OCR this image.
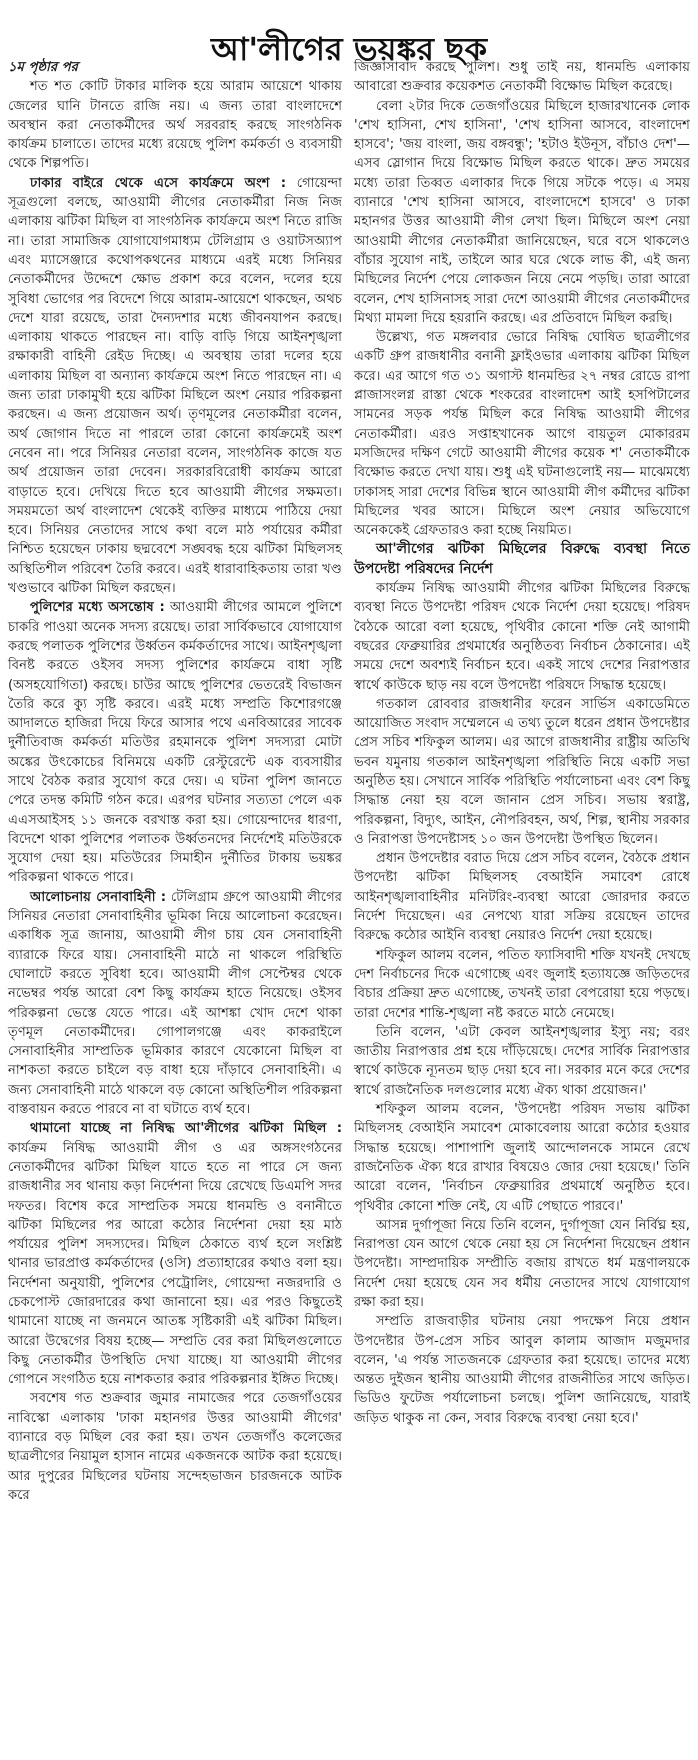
আ'লীগের ভয়ঙ্কর ছক
১ম পৃষ্ঠার পর

শত শত কোটি টাকার মালিক হয়ে আরাম আয়েশে থাকায় জেলের ঘানি টানতে রাজি নয়। এ জন্য তারা বাংলাদেশে অবস্থান করা নেতাকর্মীদের অর্থ সরবরাহ করছে সাংগঠনিক কার্যক্রম চালাতে। তাদের মধ্যে রয়েছে পুলিশ কর্মকর্তা ও ব্যবসায়ী থেকে শিল্পপতি।

ঢাকার বাইরে থেকে এসে কার্যক্রমে অংশ : গোয়েন্দা সূত্রগুলো বলছে, আওয়ামী লীগের নেতাকর্মীরা নিজ নিজ এলাকায় ঝটিকা মিছিল বা সাংগঠনিক কার্যক্রমে অংশ নিতে রাজি না। তারা সামাজিক যোগাযোগমাধ্যম টেলিগ্রাম ও ওয়াটসঅ্যাপ এবং ম্যাসেঞ্জারে কথোপকথনের মাধ্যমে এরই মধ্যে সিনিয়র নেতাকর্মীদের উদ্দেশে ক্ষোভ প্রকাশ করে বলেন, দলের হয়ে সুবিধা ভোগের পর বিদেশে গিয়ে আরাম-আয়েশে থাকছেন, অথচ দেশে যারা রয়েছে, তারা দৈন্যদশার মধ্যে জীবনযাপন করছে। এলাকায় থাকতে পারছেন না। বাড়ি বাড়ি গিয়ে আইনশৃঙ্খলা রক্ষাকারী বাহিনী রেইড দিচ্ছে। এ অবস্থায় তারা দলের হয়ে এলাকায় মিছিল বা অন্যান্য কার্যক্রমে অংশ নিতে পারছেন না। এ জন্য তারা ঢাকামুখী হয়ে ঝটিকা মিছিলে অংশ নেয়ার পরিকল্পনা করছেন। এ জন্য প্রয়োজন অর্থ। তৃণমূলের নেতাকর্মীরা বলেন, অর্থ জোগান দিতে না পারলে তারা কোনো কার্যক্রমেই অংশ নেবেন না। পরে সিনিয়র নেতারা বলেন, সাংগঠনিক কাজে যত অর্থ প্রয়োজন তারা দেবেন। সরকারবিরোধী কার্যক্রম আরো বাড়াতে হবে। দেখিয়ে দিতে হবে আওয়ামী লীগের সক্ষমতা। সময়মতো অর্থ বাংলাদেশ থেকেই ব্যক্তির মাধ্যমে পাঠিয়ে দেয়া হবে। সিনিয়র নেতাদের সাথে কথা বলে মাঠ পর্যায়ের কর্মীরা নিশ্চিত হয়েছেন ঢাকায় ছদ্মবেশে সঙ্ঘবদ্ধ হয়ে ঝটিকা মিছিলসহ অস্থিতিশীল পরিবেশ তৈরি করবে। এরই ধারাবাহিকতায় তারা খণ্ড খণ্ডভাবে ঝটিকা মিছিল করছেন।

পুলিশের মধ্যে অসন্তোষ : আওয়ামী লীগের আমলে পুলিশে চাকরি পাওয়া অনেক সদস্য রয়েছে। তারা সার্বিকভাবে যোগাযোগ করছে পলাতক পুলিশের উর্ধ্বতন কর্মকর্তাদের সাথে। আইনশৃঙ্খলা বিনষ্ট করতে ওইসব সদস্য পুলিশের কার্যক্রমে বাধা সৃষ্টি (অসহযোগিতা) করছে। চাউর আছে পুলিশের ভেতরেই বিভাজন তৈরি করে ক্যু সৃষ্টি করবে। এরই মধ্যে সম্প্রতি কিশোরগঞ্জে আদালতে হাজিরা দিয়ে ফিরে আসার পথে এনবিআরের সাবেক দুর্নীতিবাজ কর্মকর্তা মতিউর রহমানকে পুলিশ সদস্যরা মোটা অঙ্কের উৎকোচের বিনিময়ে একটি রেস্টুরেন্টে এক ব্যবসায়ীর সাথে বৈঠক করার সুযোগ করে দেয়। এ ঘটনা পুলিশ জানতে পেরে তদন্ত কমিটি গঠন করে। এরপর ঘটনার সত্যতা পেলে এক এএসআইসহ ১১ জনকে বরখাস্ত করা হয়। গোয়েন্দাদের ধারণা, বিদেশে থাকা পুলিশের পলাতক উর্ধ্বতনদের নির্দেশেই মতিউরকে সুযোগ দেয়া হয়। মতিউরের সিমাহীন দুর্নীতির টাকায় ভয়ঙ্কর পরিকল্পনা থাকতে পারে।

আলোচনায় সেনাবাহিনী : টেলিগ্রাম গ্রুপে আওয়ামী লীগের সিনিয়র নেতারা সেনাবাহিনীর ভূমিকা নিয়ে আলোচনা করেছেন। একাধিক সূত্র জানায়, আওয়ামী লীগ চায় যেন সেনাবাহিনী ব্যারাকে ফিরে যায়। সেনাবাহিনী মাঠে না থাকলে পরিস্থিতি ঘোলাটে করতে সুবিধা হবে। আওয়ামী লীগ সেপ্টেম্বর থেকে নভেম্বর পর্যন্ত আরো বেশ কিছু কার্যক্রম হাতে নিয়েছে। ওইসব পরিকল্পনা ভেস্তে যেতে পারে। এই আশঙ্কা খোদ দেশে থাকা তৃণমূল নেতাকর্মীদের। গোপালগঞ্জে এবং কাকরাইলে সেনাবাহিনীর সাম্প্রতিক ভূমিকার কারণে যেকোনো মিছিল বা নাশকতা করতে চাইলে বড় বাধা হয়ে দাঁড়াবে সেনাবাহিনী। এ জন্য সেনাবাহিনী মাঠে থাকলে বড় কোনো অস্থিতিশীল পরিকল্পনা বাস্তবায়ন করতে পারবে না বা ঘটাতে ব্যর্থ হবে।

থামানো যাচ্ছে না নিষিদ্ধ আ'লীগের ঝটিকা মিছিল : কার্যক্রম নিষিদ্ধ আওয়ামী লীগ ও এর অঙ্গসংগঠনের নেতাকর্মীদের ঝটিকা মিছিল যাতে হতে না পারে সে জন্য রাজধানীর সব থানায় কড়া নির্দেশনা দিয়ে রেখেছে ডিএমপি সদর দফতর। বিশেষ করে সাম্প্রতিক সময়ে ধানমন্ডি ও বনানীতে ঝটিকা মিছিলের পর আরো কঠোর নির্দেশনা দেয়া হয় মাঠ পর্যায়ের পুলিশ সদস্যদের। মিছিল ঠেকাতে ব্যর্থ হলে সংশ্লিষ্ট থানার ভারপ্রাপ্ত কর্মকর্তাদের (ওসি) প্রত্যাহারের কথাও বলা হয়। নির্দেশনা অনুযায়ী, পুলিশের পেট্রোলিং, গোয়েন্দা নজরদারি ও চেকপোস্ট জোরদারের কথা জানানো হয়। এর পরও কিছুতেই থামানো যাচ্ছে না জনমনে আতঙ্ক সৃষ্টিকারী এই ঝটিকা মিছিল। আরো উদ্বেগের বিষয় হচ্ছে— সম্প্রতি বের করা মিছিলগুলোতে কিছু নেতাকর্মীর উপস্থিতি দেখা যাচ্ছে। যা আওয়ামী লীগের গোপনে সংগঠিত হয়ে নাশকতার করার পরিকল্পনার ইঙ্গিত দিচ্ছে।

সবশেষ গত শুক্রবার জুমার নামাজের পরে তেজগাঁওয়ের নাবিস্কো এলাকায় 'ঢাকা মহানগর উত্তর আওয়ামী লীগের' ব্যানারে বড় মিছিল বের করা হয়। তখন তেজগাঁও কলেজের ছাত্রলীগের নিয়ামুল হাসান নামের একজনকে আটক করা হয়েছে। আর দুপুরের মিছিলের ঘটনায় সন্দেহভাজন চারজনকে আটক করে

জিজ্ঞাসাবাদ করছে পুলিশ। শুধু তাই নয়, ধানমন্ডি এলাকায় আবারো শুক্রবার কয়েকশত নেতাকর্মী বিক্ষোভ মিছিল করেছে।

বেলা ২টার দিকে তেজগাঁওয়ের মিছিলে হাজারখানেক লোক 'শেখ হাসিনা, শেখ হাসিনা', 'শেখ হাসিনা আসবে, বাংলাদেশ হাসবে'; 'জয় বাংলা, জয় বঙ্গবন্ধু'; 'হটাও ইউনূস, বাঁচাও দেশ'— এসব স্লোগান দিয়ে বিক্ষোভ মিছিল করতে থাকে। দ্রুত সময়ের মধ্যে তারা তিব্বত এলাকার দিকে গিয়ে সটকে পড়ে। এ সময় ব্যানারে 'শেখ হাসিনা আসবে, বাংলাদেশে হাসবে' ও ঢাকা মহানগর উত্তর আওয়ামী লীগ লেখা ছিল। মিছিলে অংশ নেয়া আওয়ামী লীগের নেতাকর্মীরা জানিয়েছেন, ঘরে বসে থাকলেও বাঁচার সুযোগ নাই, তাইলে আর ঘরে থেকে লাভ কী, এই জন্য মিছিলের নির্দেশ পেয়ে লোকজন নিয়ে নেমে পড়ছি। তারা আরো বলেন, শেখ হাসিনাসহ সারা দেশে আওয়ামী লীগের নেতাকর্মীদের মিথ্যা মামলা দিয়ে হয়রানি করছে। এর প্রতিবাদে মিছিল করছি।

উল্লেখ্য, গত মঙ্গলবার ভোরে নিষিদ্ধ ঘোষিত ছাত্রলীগের একটি গ্রুপ রাজধানীর বনানী ফ্লাইওভার এলাকায় ঝটিকা মিছিল করে। এর আগে গত ৩১ অগাস্ট ধানমন্ডির ২৭ নম্বর রোডে রাপা প্লাজাসংলগ্ন রাস্তা থেকে শংকরের বাংলাদেশ আই হসপিটালের সামনের সড়ক পর্যন্ত মিছিল করে নিষিদ্ধ আওয়ামী লীগের নেতাকর্মীরা। এরও সপ্তাহখানেক আগে বায়তুল মোকাররম মসজিদের দক্ষিণ গেটে আওয়ামী লীগের কয়েক শ' নেতাকর্মীকে বিক্ষোভ করতে দেখা যায়। শুধু এই ঘটনাগুলোই নয়— মাঝেমধ্যে ঢাকাসহ সারা দেশের বিভিন্ন স্থানে আওয়ামী লীগ কর্মীদের ঝটিকা মিছিলের খবর আসে। মিছিলে অংশ নেয়ার অভিযোগে অনেককেই গ্রেফতারও করা হচ্ছে নিয়মিত।

আ'লীগের ঝটিকা মিছিলের বিরুদ্ধে ব্যবস্থা নিতে উপদেষ্টা পরিষদের নির্দেশ

কার্যক্রম নিষিদ্ধ আওয়ামী লীগের ঝটিকা মিছিলের বিরুদ্ধে ব্যবস্থা নিতে উপদেষ্টা পরিষদ থেকে নির্দেশ দেয়া হয়েছে। পরিষদ বৈঠকে আরো বলা হয়েছে, পৃথিবীর কোনো শক্তি নেই আগামী বছরের ফেব্রুয়ারির প্রথমার্ধের অনুষ্ঠিতব্য নির্বাচন ঠেকানোর। এই সময়ে দেশে অবশ্যই নির্বাচন হবে। একই সাথে দেশের নিরাপত্তার স্বার্থে কাউকে ছাড় নয় বলে উপদেষ্টা পরিষদে সিদ্ধান্ত হয়েছে।

গতকাল রোববার রাজধানীর ফরেন সার্ভিস একাডেমিতে আয়োজিত সংবাদ সম্মেলনে এ তথ্য তুলে ধরেন প্রধান উপদেষ্টার প্রেস সচিব শফিকুল আলম। এর আগে রাজধানীর রাষ্ট্রীয় অতিথি ভবন যমুনায় গতকাল আইনশৃঙ্খলা পরিস্থিতি নিয়ে একটি সভা অনুষ্ঠিত হয়। সেখানে সার্বিক পরিস্থিতি পর্যালোচনা এবং বেশ কিছু সিদ্ধান্ত নেয়া হয় বলে জানান প্রেস সচিব। সভায় স্বরাষ্ট্র, পরিকল্পনা, বিদ্যুৎ, আইন, নৌপরিবহন, অর্থ, শিল্প, স্থানীয় সরকার ও নিরাপত্তা উপদেষ্টাসহ ১০ জন উপদেষ্টা উপস্থিত ছিলেন।

প্রধান উপদেষ্টার বরাত দিয়ে প্রেস সচিব বলেন, বৈঠকে প্রধান উপদেষ্টা ঝটিকা মিছিলসহ বেআইনি সমাবেশ রোধে আইনশৃঙ্খলাবাহিনীর মনিটরিং-ব্যবস্থা আরো জোরদার করতে নির্দেশ দিয়েছেন। এর নেপথ্যে যারা সক্রিয় রয়েছেন তাদের বিরুদ্ধে কঠোর আইনি ব্যবস্থা নেয়ারও নির্দেশ দেয়া হয়েছে।

শফিকুল আলম বলেন, পতিত ফ্যাসিবাদী শক্তি যখনই দেখছে দেশ নির্বাচনের দিকে এগোচ্ছে এবং জুলাই হত্যাযজ্ঞে জড়িতদের বিচার প্রক্রিয়া দ্রুত এগোচ্ছে, তখনই তারা বেপরোয়া হয়ে পড়ছে। তারা দেশের শান্তি-শৃঙ্খলা নষ্ট করতে মাঠে নেমেছে।

তিনি বলেন, 'এটা কেবল আইনশৃঙ্খলার ইস্যু নয়; বরং জাতীয় নিরাপত্তার প্রশ্ন হয়ে দাঁড়িয়েছে। দেশের সার্বিক নিরাপত্তার স্বার্থে কাউকে ন্যূনতম ছাড় দেয়া হবে না। সরকার মনে করে দেশের স্বার্থে রাজনৈতিক দলগুলোর মধ্যে ঐক্য থাকা প্রয়োজন।'

শফিকুল আলম বলেন, 'উপদেষ্টা পরিষদ সভায় ঝটিকা মিছিলসহ বেআইনি সমাবেশ মোকাবেলায় আরো কঠোর হওয়ার সিদ্ধান্ত হয়েছে। পাশাপাশি জুলাই আন্দোলনকে সামনে রেখে রাজনৈতিক ঐক্য ধরে রাখার বিষয়েও জোর দেয়া হয়েছে।' তিনি আরো বলেন, 'নির্বাচন ফেব্রুয়ারির প্রথমার্ধে অনুষ্ঠিত হবে। পৃথিবীর কোনো শক্তি নেই, যে এটি পেছাতে পারবে।'

আসন্ন দুর্গাপূজা নিয়ে তিনি বলেন, দুর্গাপূজা যেন নির্বিঘ্ন হয়, নিরাপত্তা যেন আগে থেকে নেয়া হয় সে নির্দেশনা দিয়েছেন প্রধান উপদেষ্টা। সাম্প্রদায়িক সম্প্রীতি বজায় রাখতে ধর্ম মন্ত্রণালয়কে নির্দেশ দেয়া হয়েছে যেন সব ধর্মীয় নেতাদের সাথে যোগাযোগ রক্ষা করা হয়।

সম্প্রতি রাজবাড়ীর ঘটনায় নেয়া পদক্ষেপ নিয়ে প্রধান উপদেষ্টার উপ-প্রেস সচিব আবুল কালাম আজাদ মজুমদার বলেন, 'এ পর্যন্ত সাতজনকে গ্রেফতার করা হয়েছে। তাদের মধ্যে অন্তত দুইজন স্থানীয় আওয়ামী লীগের রাজনীতির সাথে জড়িত। ভিডিও ফুটেজ পর্যালোচনা চলছে। পুলিশ জানিয়েছে, যারাই জড়িত থাকুক না কেন, সবার বিরুদ্ধে ব্যবস্থা নেয়া হবে।'
